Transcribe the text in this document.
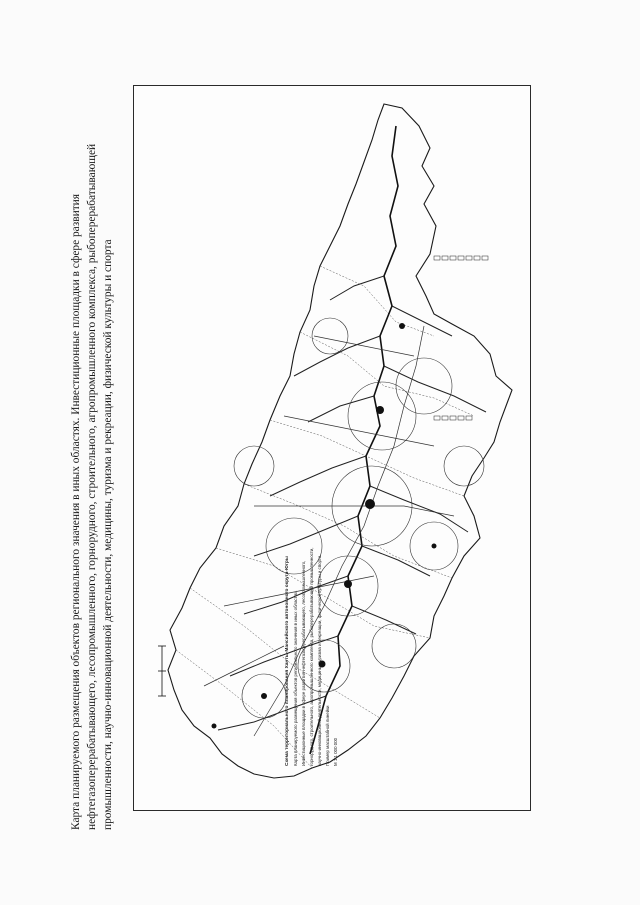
Карта планируемого размещения объектов регионального значения в иных областях. Инвестиционные площадки в сфере развития нефтегазоперерабатывающего, лесопромышленного, горнорудного, строительного, агропромышленного комплекса, рыбоперерабатывающей промышленности, научно-инновационной деятельности, медицины, туризма и рекреации, физической культуры и спорта	Схема территориального планирования Ханты-Мансийского автономного округа-Югры Карта планируемого размещения объектов регионального значения в иных областях. Инвестиционные площадки в сфере развития нефтегазоперерабатывающего, лесопромышленного, горнорудного, строительного, агропромышленного комплекса, рыбоперерабатывающей промышленности, научно-инновационной деятельности, медицины, туризма и рекреации, физической культуры и спорта. Пример масштабной линейки М 1:1 000 000
